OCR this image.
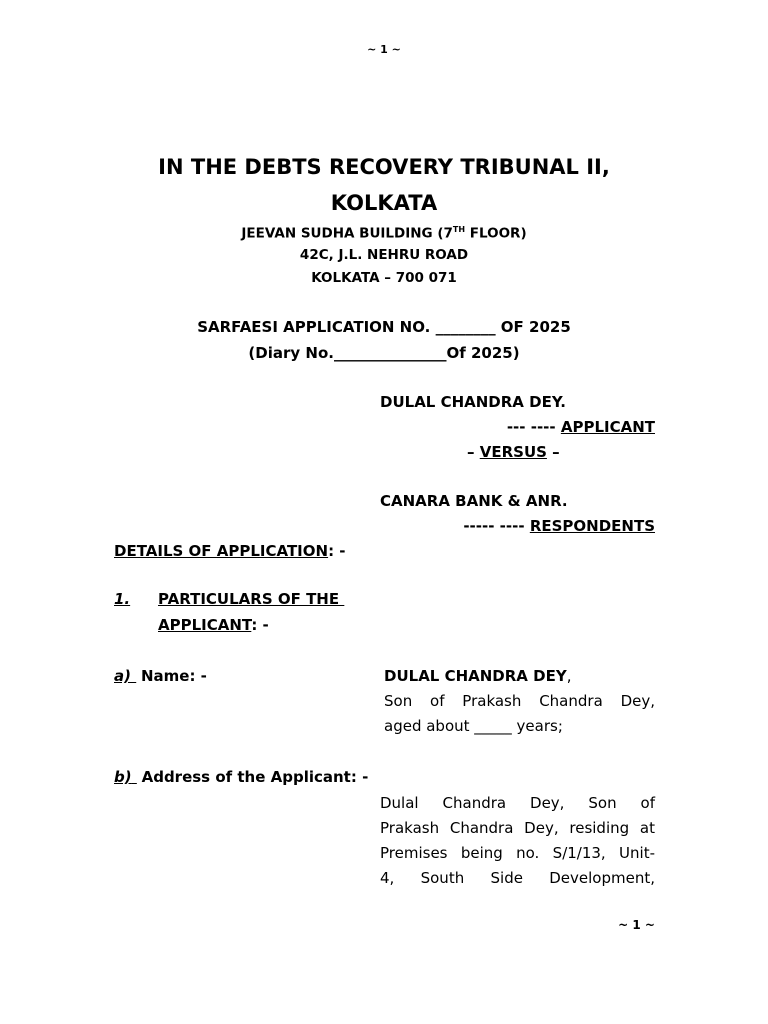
~ 1 ~
IN THE DEBTS RECOVERY TRIBUNAL II,
KOLKATA
JEEVAN SUDHA BUILDING (7TH FLOOR)
42C, J.L. NEHRU ROAD
KOLKATA – 700 071
SARFAESI APPLICATION NO. ________ OF 2025
(Diary No._______________Of 2025)
DULAL CHANDRA DEY.
--- ---- APPLICANT
– VERSUS –
CANARA BANK & ANR.
----- ---- RESPONDENTS
DETAILS OF APPLICATION: -
1. PARTICULARS OF THE
APPLICANT: -
a) Name: -	DULAL CHANDRA DEY,
Son of Prakash Chandra Dey,
aged about _____ years;
b) Address of the Applicant: -
Dulal Chandra Dey, Son of
Prakash Chandra Dey, residing at
Premises being no. S/1/13, Unit-
4, South Side Development,
~ 1 ~
